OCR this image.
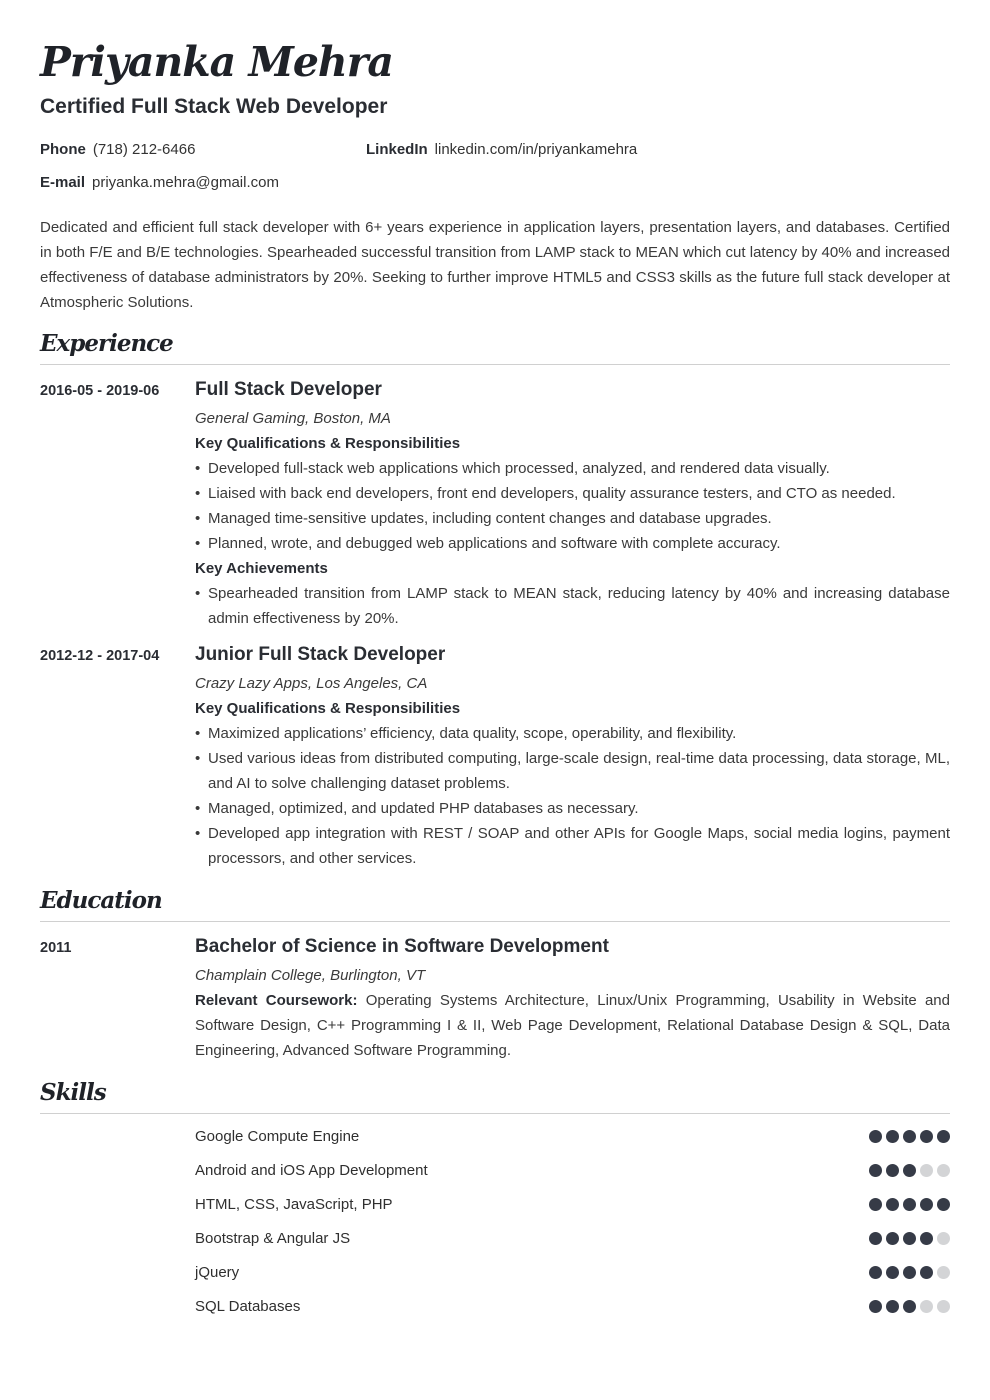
Priyanka Mehra
Certified Full Stack Web Developer
Phone (718) 212-6466	LinkedIn linkedin.com/in/priyankamehra
E-mail priyanka.mehra@gmail.com
Dedicated and efficient full stack developer with 6+ years experience in application layers, presentation layers, and databases. Certified in both F/E and B/E technologies. Spearheaded successful transition from LAMP stack to MEAN which cut latency by 40% and increased effectiveness of database administrators by 20%. Seeking to further improve HTML5 and CSS3 skills as the future full stack developer at Atmospheric Solutions.
Experience
2016-05 - 2019-06 Full Stack Developer
General Gaming, Boston, MA
Key Qualifications & Responsibilities
• Developed full-stack web applications which processed, analyzed, and rendered data visually.
• Liaised with back end developers, front end developers, quality assurance testers, and CTO as needed.
• Managed time-sensitive updates, including content changes and database upgrades.
• Planned, wrote, and debugged web applications and software with complete accuracy.
Key Achievements
• Spearheaded transition from LAMP stack to MEAN stack, reducing latency by 40% and increasing database admin effectiveness by 20%.
2012-12 - 2017-04 Junior Full Stack Developer
Crazy Lazy Apps, Los Angeles, CA
Key Qualifications & Responsibilities
• Maximized applications’ efficiency, data quality, scope, operability, and flexibility.
• Used various ideas from distributed computing, large-scale design, real-time data processing, data storage, ML, and AI to solve challenging dataset problems.
• Managed, optimized, and updated PHP databases as necessary.
• Developed app integration with REST / SOAP and other APIs for Google Maps, social media logins, payment processors, and other services.
Education
2011	Bachelor of Science in Software Development
Champlain College, Burlington, VT
Relevant Coursework: Operating Systems Architecture, Linux/Unix Programming, Usability in Website and Software Design, C++ Programming I & II, Web Page Development, Relational Database Design & SQL, Data Engineering, Advanced Software Programming.
Skills
Google Compute Engine
Android and iOS App Development
HTML, CSS, JavaScript, PHP
Bootstrap & Angular JS
jQuery
SQL Databases
